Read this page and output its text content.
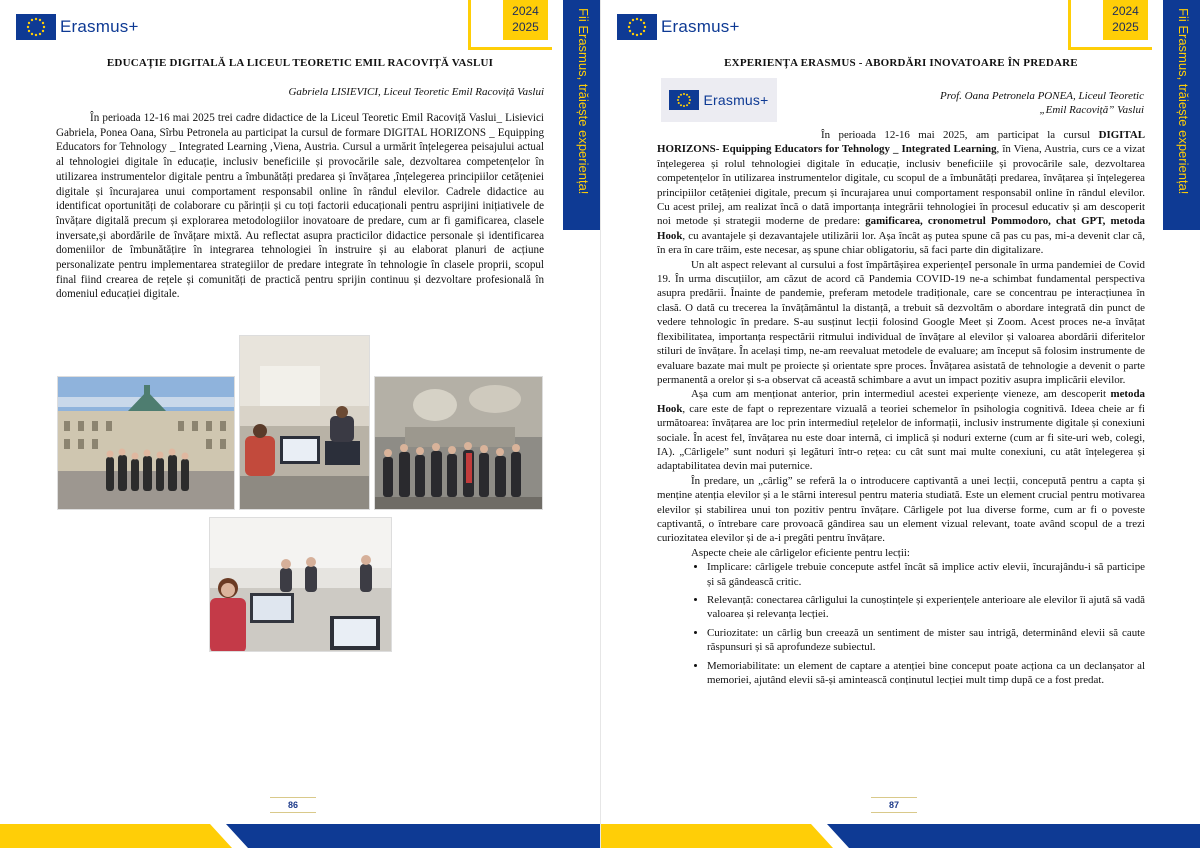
Erasmus+
2024
2025	Fii Erasmus, trăiește experiența!
EDUCAȚIE DIGITALĂ LA LICEUL TEORETIC EMIL RACOVIȚĂ VASLUI
Gabriela LISIEVICI, Liceul Teoretic Emil Racoviță Vaslui

În perioada 12-16 mai 2025 trei cadre didactice de la Liceul Teoretic Emil Racoviță Vaslui_ Lisievici Gabriela, Ponea Oana, Sîrbu Petronela au participat la cursul de formare DIGITAL HORIZONS _ Equipping Educators for Tehnology _ Integrated Learning ,Viena, Austria. Cursul a urmărit înțelegerea peisajului actual al tehnologiei digitale în educație, inclusiv beneficiile și provocările sale, dezvoltarea competențelor în utilizarea instrumentelor digitale pentru a îmbunătăți predarea și învățarea ,înțelegerea principiilor cetățeniei digitale și încurajarea unui comportament responsabil online în rândul elevilor. Cadrele didactice au identificat oportunități de colaborare cu părinții și cu toți factorii educaționali pentru asprijini inițiativele de învățare digitală precum și explorarea metodologiilor inovatoare de predare, cum ar fi gamificarea, clasele inversate,și abordările de învățare mixtă. Au reflectat asupra practicilor didactice personale și identificarea domeniilor de îmbunătățire în integrarea tehnologiei în instruire și au elaborat planuri de acțiune personalizate pentru implementarea strategiilor de predare integrate în tehnologie în clasele proprii, scopul final fiind crearea de rețele și comunități de practică pentru sprijin continuu și dezvoltare profesională în domeniul educației digitale.

86
Erasmus+
2024
2025	Fii Erasmus, trăiește experiența!
EXPERIENȚA ERASMUS - ABORDĂRI INOVATOARE ÎN PREDARE
Erasmus+	Prof. Oana Petronela PONEA, Liceul Teoretic
„Emil Racoviță” Vaslui

În perioada 12-16 mai 2025, am participat la cursul DIGITAL HORIZONS- Equipping Educators for Tehnology _ Integrated Learning, în Viena, Austria, curs ce a vizat înțelegerea și rolul tehnologiei digitale în educație, inclusiv beneficiile și provocările sale, dezvoltarea competențelor în utilizarea instrumentelor digitale, cu scopul de a îmbunătăți predarea, învățarea și înțelegerea principiilor cetățeniei digitale, precum și încurajarea unui comportament responsabil online în rândul elevilor. Cu acest prilej, am realizat încă o dată importanța integrării tehnologiei în procesul educativ și am descoperit noi metode și strategii moderne de predare: gamificarea, cronometrul Pommodoro, chat GPT, metoda Hook, cu avantajele și dezavantajele utilizării lor. Așa încât aș putea spune că pas cu pas, mi-a devenit clar că, în era în care trăim, este necesar, aș spune chiar obligatoriu, să faci parte din digitalizare.

Un alt aspect relevant al cursului a fost împărtășirea experiențeI personale în urma pandemiei de Covid 19. În urma discuțiilor, am căzut de acord că Pandemia COVID-19 ne-a schimbat fundamental perspectiva asupra predării. Înainte de pandemie, preferam metodele tradiționale, care se concentrau pe interacțiunea în clasă. O dată cu trecerea la învățământul la distanță, a trebuit să dezvoltăm o abordare integrată din punct de vedere tehnologic în predare. S-au susținut lecții folosind Google Meet și Zoom. Acest proces ne-a învățat flexibilitatea, importanța respectării ritmului individual de învățare al elevilor și valoarea abordării diferitelor stiluri de învățare. În același timp, ne-am reevaluat metodele de evaluare; am început să folosim instrumente de evaluare bazate mai mult pe proiecte și orientate spre proces. Învățarea asistată de tehnologie a devenit o parte permanentă a orelor și s-a observat că această schimbare a avut un impact pozitiv asupra implicării elevilor.

Așa cum am menționat anterior, prin intermediul acestei experiențe vieneze, am descoperit metoda Hook, care este de fapt o reprezentare vizuală a teoriei schemelor în psihologia cognitivă. Ideea cheie ar fi următoarea: învățarea are loc prin intermediul rețelelor de informații, inclusiv instrumente digitale și conexiuni sociale. În acest fel, învățarea nu este doar internă, ci implică și noduri externe (cum ar fi site-uri web, colegi, IA). „Cârligele” sunt noduri și legături într-o rețea: cu cât sunt mai multe conexiuni, cu atât înțelegerea și adaptabilitatea devin mai puternice.

În predare, un „cârlig” se referă la o introducere captivantă a unei lecții, concepută pentru a capta și menține atenția elevilor și a le stârni interesul pentru materia studiată. Este un element crucial pentru motivarea elevilor și stabilirea unui ton pozitiv pentru învățare. Cârligele pot lua diverse forme, cum ar fi o poveste captivantă, o întrebare care provoacă gândirea sau un element vizual relevant, toate având scopul de a trezi curiozitatea elevilor și de a-i pregăti pentru învățare.

Aspecte cheie ale cârligelor eficiente pentru lecții:

• Implicare: cârligele trebuie concepute astfel încât să implice activ elevii, încurajându-i să participe și să gândească critic.
• Relevanță: conectarea cârligului la cunoștințele și experiențele anterioare ale elevilor îi ajută să vadă valoarea și relevanța lecției.
• Curiozitate: un cârlig bun creează un sentiment de mister sau intrigă, determinând elevii să caute răspunsuri și să aprofundeze subiectul.
• Memoriabilitate: un element de captare a atenției bine conceput poate acționa ca un declanșator al memoriei, ajutând elevii să-și amintească conținutul lecției mult timp după ce a fost predat.
87
